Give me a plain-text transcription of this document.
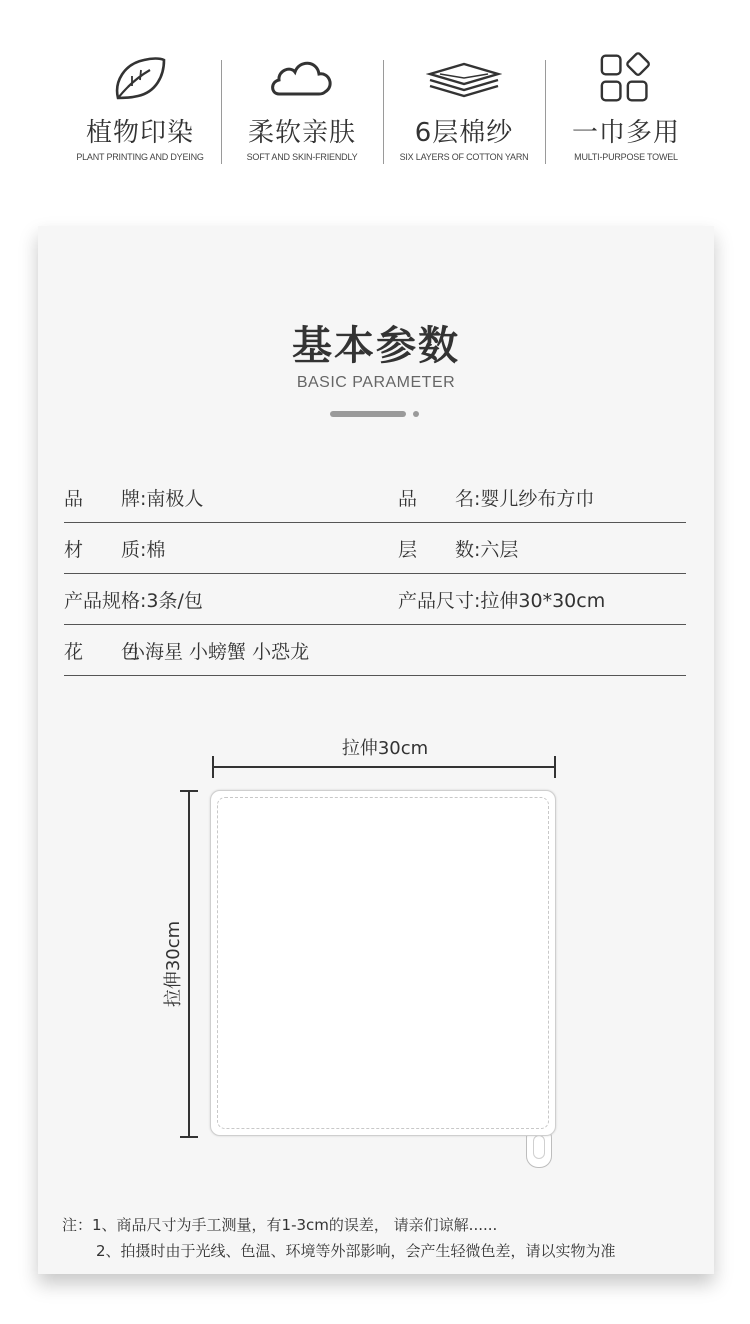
植物印染
PLANT PRINTING AND DYEING
柔软亲肤
SOFT AND SKIN-FRIENDLY
6层棉纱
SIX LAYERS OF COTTON YARN
一巾多用
MULTI-PURPOSE TOWEL
基本参数
BASIC PARAMETER
品　　牌:南极人	品　　名:婴儿纱布方巾
材　　质:棉	层　　数:六层
产品规格:3条/包	产品尺寸:拉伸30*30cm
花　　色小海星 小螃蟹 小恐龙
拉伸30cm
拉伸30cm
注：1、商品尺寸为手工测量，有1-3cm的误差， 请亲们谅解......
2、拍摄时由于光线、色温、环境等外部影响，会产生轻微色差，请以实物为准
